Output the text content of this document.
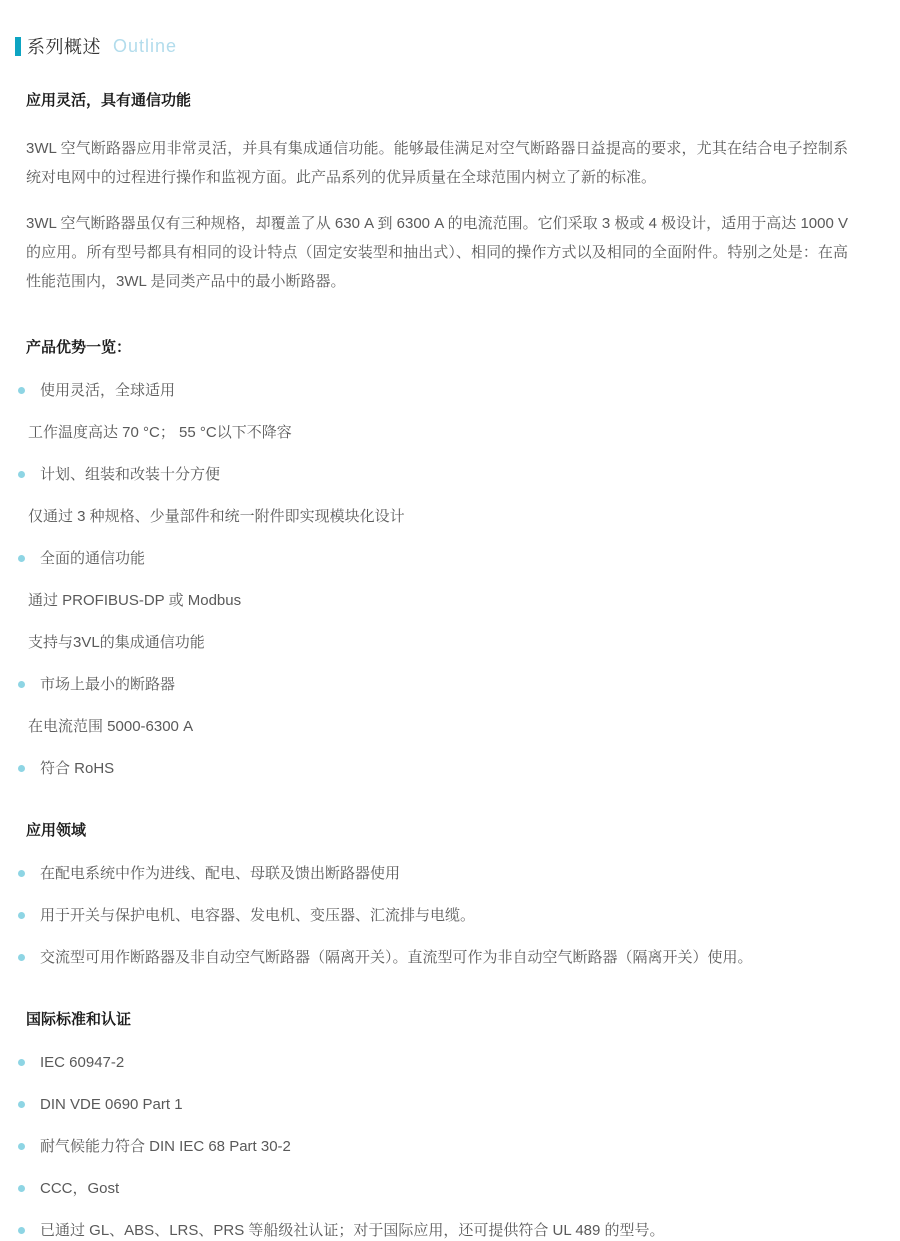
系列概述 Outline
应用灵活，具有通信功能

3WL 空气断路器应用非常灵活，并具有集成通信功能。能够最佳满足对空气断路器日益提高的要求，尤其在结合电子控制系统对电网中的过程进行操作和监视方面。此产品系列的优异质量在全球范围内树立了新的标准。

3WL 空气断路器虽仅有三种规格，却覆盖了从 630 A 到 6300 A 的电流范围。它们采取 3 极或 4 极设计，适用于高达 1000 V 的应用。所有型号都具有相同的设计特点（固定安装型和抽出式）、相同的操作方式以及相同的全面附件。特别之处是：在高性能范围内，3WL 是同类产品中的最小断路器。

产品优势一览：
使用灵活，全球适用
工作温度高达 70 °C； 55 °C以下不降容
计划、组装和改装十分方便
仅通过 3 种规格、少量部件和统一附件即实现模块化设计
全面的通信功能
通过 PROFIBUS-DP 或 Modbus
支持与3VL的集成通信功能
市场上最小的断路器
在电流范围 5000-6300 A
符合 RoHS
应用领域
在配电系统中作为进线、配电、母联及馈出断路器使用
用于开关与保护电机、电容器、发电机、变压器、汇流排与电缆。
交流型可用作断路器及非自动空气断路器（隔离开关）。直流型可作为非自动空气断路器（隔离开关）使用。
国际标准和认证
IEC 60947-2
DIN VDE 0690 Part 1
耐气候能力符合 DIN IEC 68 Part 30-2
CCC，Gost
已通过 GL、ABS、LRS、PRS 等船级社认证；对于国际应用，还可提供符合 UL 489 的型号。
